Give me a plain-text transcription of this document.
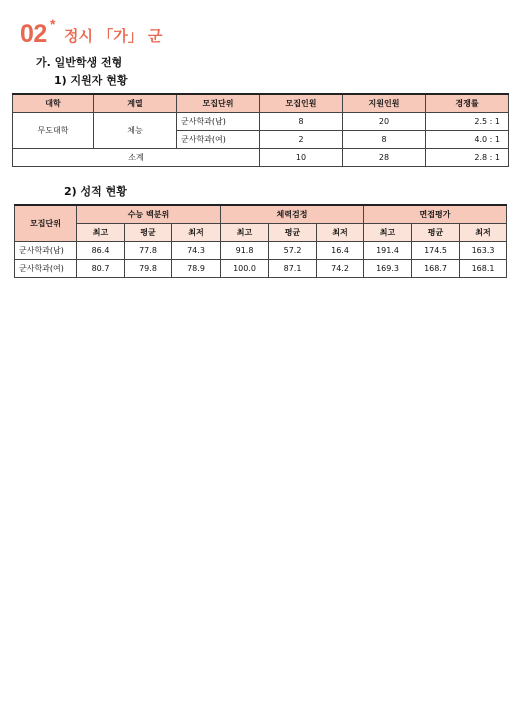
02 *
정시 「가」 군
가. 일반학생 전형
1) 지원자 현황
대학	계열	모집단위	모집인원	지원인원	경쟁률
무도대학	체능	군사학과(남)	8	20	2.5 : 1
		군사학과(여)	2	8	4.0 : 1
소계			10	28	2.8 : 1
2) 성적 현황
모집단위	수능 백분위			체력검정			면접평가		
	최고	평균	최저	최고	평균	최저	최고	평균	최저
군사학과(남)	86.4	77.8	74.3	91.8	57.2	16.4	191.4	174.5	163.3
군사학과(여)	80.7	79.8	78.9	100.0	87.1	74.2	169.3	168.7	168.1
